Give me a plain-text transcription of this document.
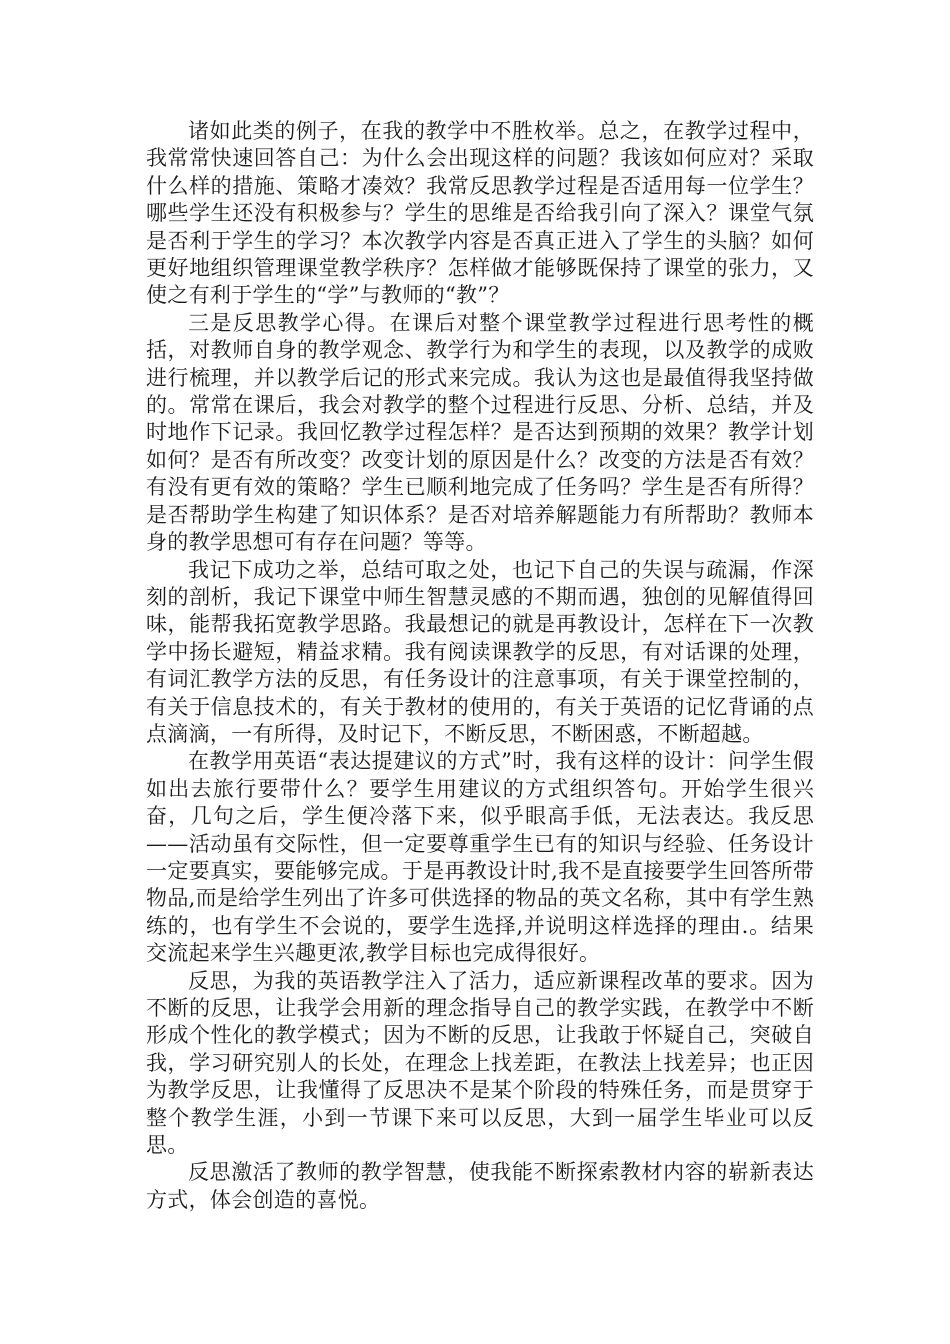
诸如此类的例子，在我的教学中不胜枚举。总之，在教学过程中，我常常快速回答自己：为什么会出现这样的问题？我该如何应对？采取什么样的措施、策略才凑效？我常反思教学过程是否适用每一位学生？哪些学生还没有积极参与？学生的思维是否给我引向了深入？课堂气氛是否利于学生的学习？本次教学内容是否真正进入了学生的头脑？如何更好地组织管理课堂教学秩序？怎样做才能够既保持了课堂的张力，又使之有利于学生的“学”与教师的“教”？

三是反思教学心得。在课后对整个课堂教学过程进行思考性的概括，对教师自身的教学观念、教学行为和学生的表现，以及教学的成败进行梳理，并以教学后记的形式来完成。我认为这也是最值得我坚持做的。常常在课后，我会对教学的整个过程进行反思、分析、总结，并及时地作下记录。我回忆教学过程怎样？是否达到预期的效果？教学计划如何？是否有所改变？改变计划的原因是什么？改变的方法是否有效？有没有更有效的策略？学生已顺利地完成了任务吗？学生是否有所得？是否帮助学生构建了知识体系？是否对培养解题能力有所帮助？教师本身的教学思想可有存在问题？等等。

我记下成功之举，总结可取之处，也记下自己的失误与疏漏，作深刻的剖析，我记下课堂中师生智慧灵感的不期而遇，独创的见解值得回味，能帮我拓宽教学思路。我最想记的就是再教设计，怎样在下一次教学中扬长避短，精益求精。我有阅读课教学的反思，有对话课的处理，有词汇教学方法的反思，有任务设计的注意事项，有关于课堂控制的，有关于信息技术的，有关于教材的使用的，有关于英语的记忆背诵的点点滴滴，一有所得，及时记下，不断反思，不断困惑，不断超越。

在教学用英语“表达提建议的方式”时，我有这样的设计：问学生假如出去旅行要带什么？要学生用建议的方式组织答句。开始学生很兴奋，几句之后，学生便冷落下来，似乎眼高手低，无法表达。我反思——活动虽有交际性，但一定要尊重学生已有的知识与经验、任务设计一定要真实，要能够完成。于是再教设计时,我不是直接要学生回答所带物品,而是给学生列出了许多可供选择的物品的英文名称，其中有学生熟练的，也有学生不会说的，要学生选择,并说明这样选择的理由.。结果交流起来学生兴趣更浓,教学目标也完成得很好。

反思，为我的英语教学注入了活力，适应新课程改革的要求。因为不断的反思，让我学会用新的理念指导自己的教学实践，在教学中不断形成个性化的教学模式；因为不断的反思，让我敢于怀疑自己，突破自我，学习研究别人的长处，在理念上找差距，在教法上找差异；也正因为教学反思，让我懂得了反思决不是某个阶段的特殊任务，而是贯穿于整个教学生涯，小到一节课下来可以反思，大到一届学生毕业可以反思。

反思激活了教师的教学智慧，使我能不断探索教材内容的崭新表达方式，体会创造的喜悦。
